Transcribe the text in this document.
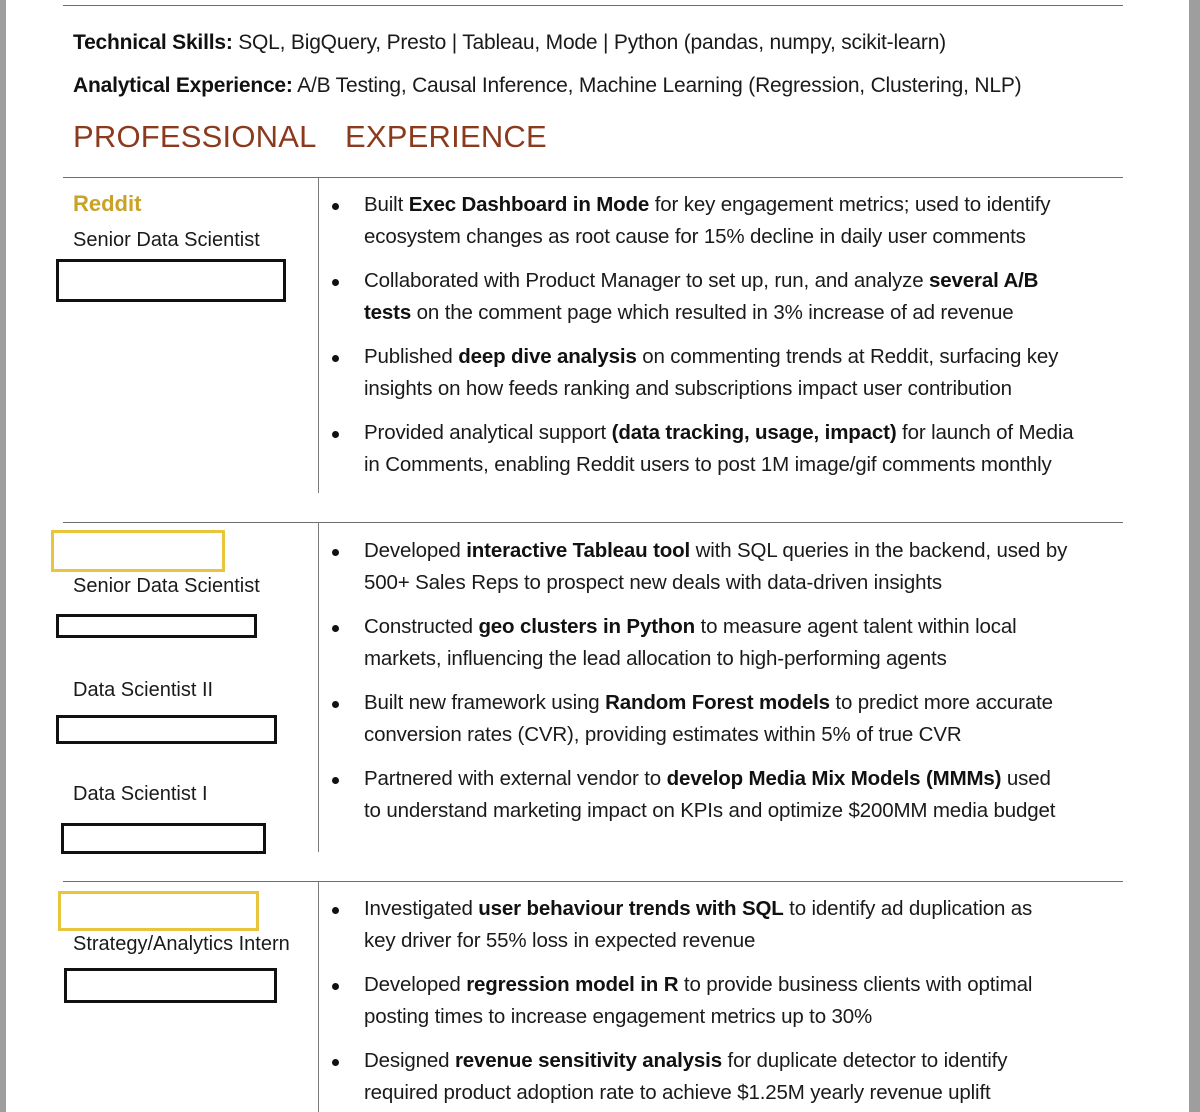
Technical Skills: SQL, BigQuery, Presto | Tableau, Mode | Python (pandas, numpy, scikit-learn)
Analytical Experience: A/B Testing, Causal Inference, Machine Learning (Regression, Clustering, NLP)
PROFESSIONAL  EXPERIENCE
Reddit
Senior Data Scientist
Built Exec Dashboard in Mode for key engagement metrics; used to identify
ecosystem changes as root cause for 15% decline in daily user comments
Collaborated with Product Manager to set up, run, and analyze several A/B
tests on the comment page which resulted in 3% increase of ad revenue
Published deep dive analysis on commenting trends at Reddit, surfacing key
insights on how feeds ranking and subscriptions impact user contribution
Provided analytical support (data tracking, usage, impact) for launch of Media
in Comments, enabling Reddit users to post 1M image/gif comments monthly
Senior Data Scientist
Data Scientist II
Data Scientist I
Developed interactive Tableau tool with SQL queries in the backend, used by
500+ Sales Reps to prospect new deals with data-driven insights
Constructed geo clusters in Python to measure agent talent within local
markets, influencing the lead allocation to high-performing agents
Built new framework using Random Forest models to predict more accurate
conversion rates (CVR), providing estimates within 5% of true CVR
Partnered with external vendor to develop Media Mix Models (MMMs) used
to understand marketing impact on KPIs and optimize $200MM media budget
Strategy/Analytics Intern
Investigated user behaviour trends with SQL to identify ad duplication as
key driver for 55% loss in expected revenue
Developed regression model in R to provide business clients with optimal
posting times to increase engagement metrics up to 30%
Designed revenue sensitivity analysis for duplicate detector to identify
required product adoption rate to achieve $1.25M yearly revenue uplift
